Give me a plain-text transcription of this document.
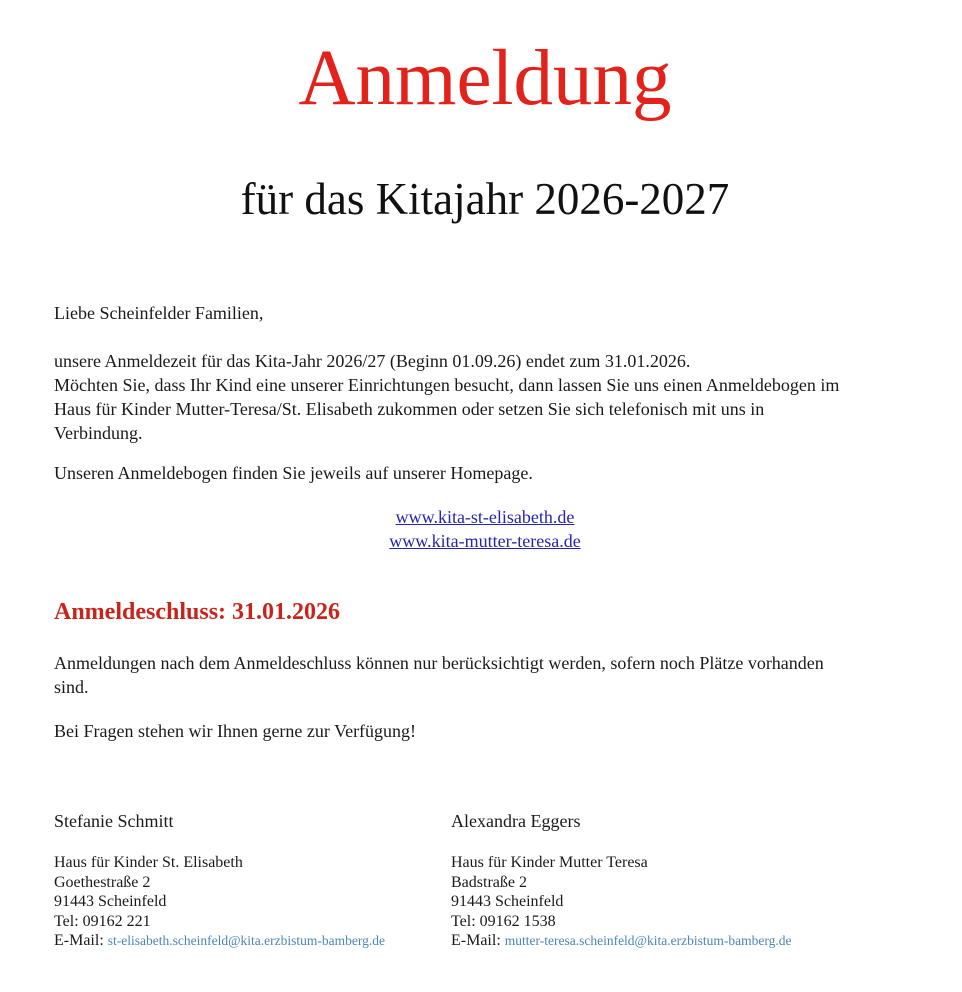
Anmeldung
für das Kitajahr 2026-2027

Liebe Scheinfelder Familien,

unsere Anmeldezeit für das Kita-Jahr 2026/27 (Beginn 01.09.26) endet zum 31.01.2026.
Möchten Sie, dass Ihr Kind eine unserer Einrichtungen besucht, dann lassen Sie uns einen Anmeldebogen im
Haus für Kinder Mutter-Teresa/St. Elisabeth zukommen oder setzen Sie sich telefonisch mit uns in
Verbindung.

Unseren Anmeldebogen finden Sie jeweils auf unserer Homepage.

www.kita-st-elisabeth.de
www.kita-mutter-teresa.de
Anmeldeschluss: 31.01.2026

Anmeldungen nach dem Anmeldeschluss können nur berücksichtigt werden, sofern noch Plätze vorhanden
sind.

Bei Fragen stehen wir Ihnen gerne zur Verfügung!

Stefanie Schmitt
Haus für Kinder St. Elisabeth
Goethestraße 2
91443 Scheinfeld
Tel: 09162 221
E-Mail: st-elisabeth.scheinfeld@kita.erzbistum-bamberg.de
Alexandra Eggers
Haus für Kinder Mutter Teresa
Badstraße 2
91443 Scheinfeld
Tel: 09162 1538
E-Mail: mutter-teresa.scheinfeld@kita.erzbistum-bamberg.de
